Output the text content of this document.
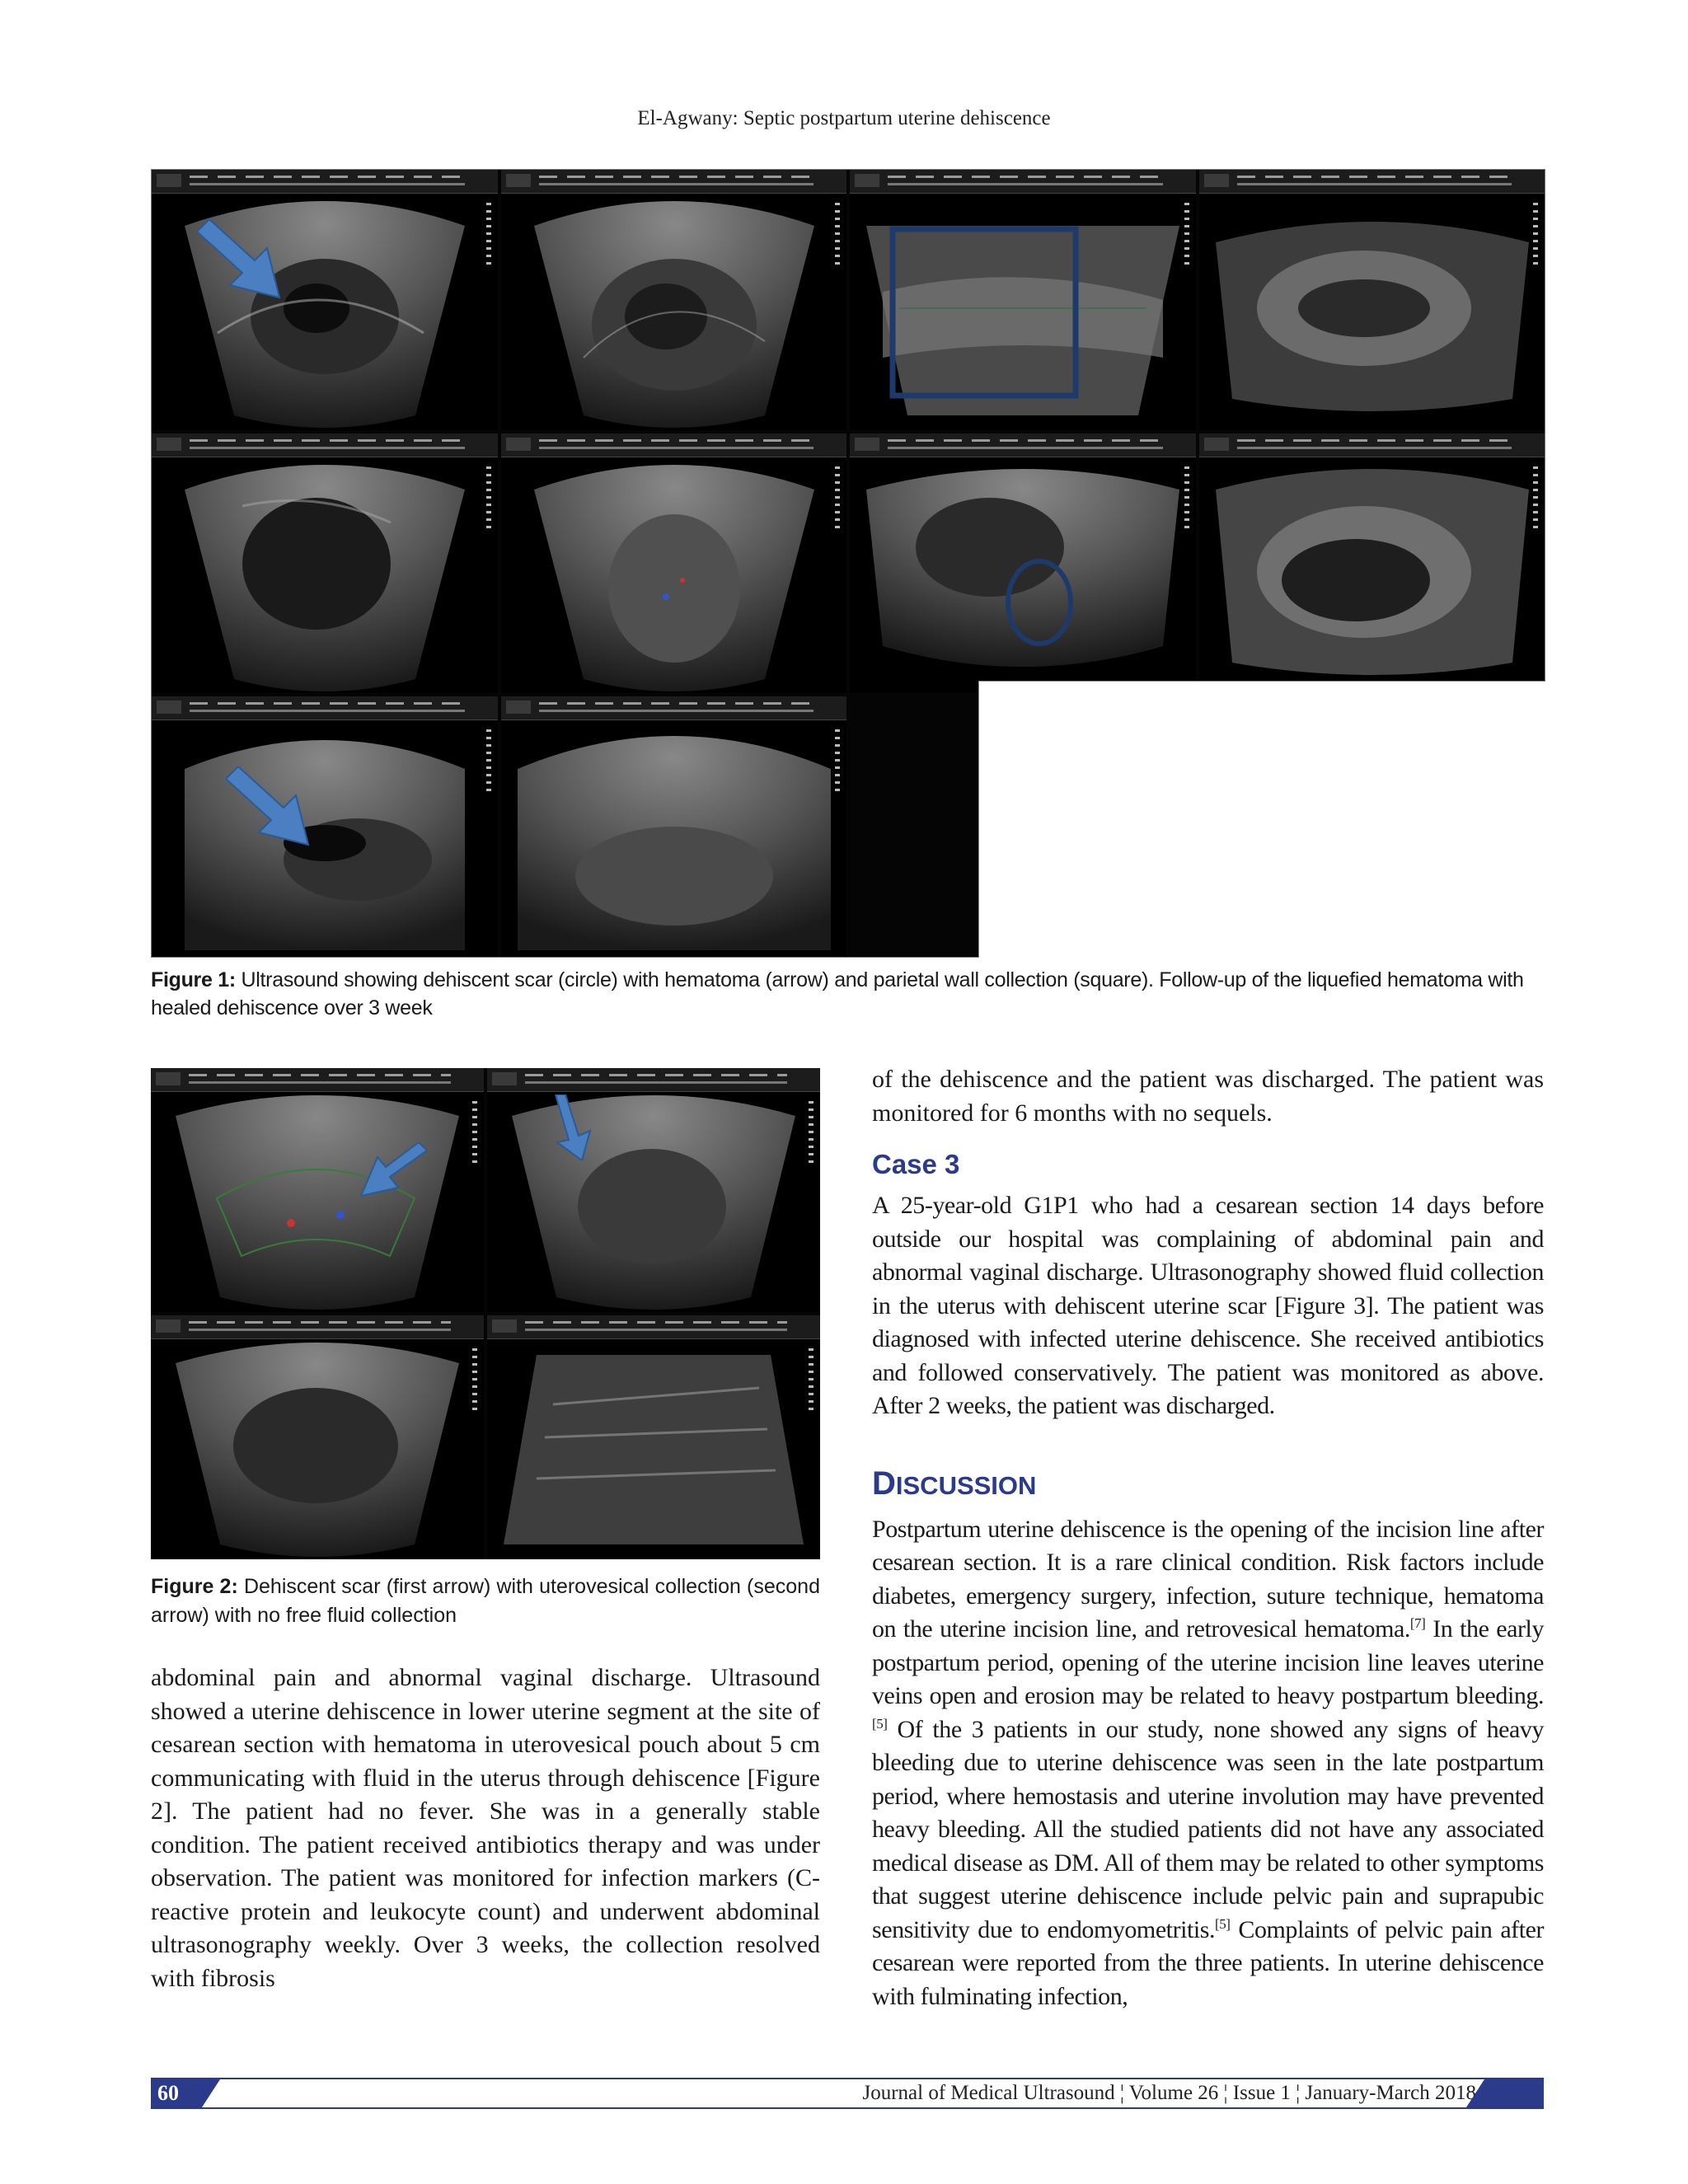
El-Agwany: Septic postpartum uterine dehiscence
Figure 1: Ultrasound showing dehiscent scar (circle) with hematoma (arrow) and parietal wall collection (square). Follow-up of the liquefied hematoma with healed dehiscence over 3 week
Figure 2: Dehiscent scar (first arrow) with uterovesical collection (second arrow) with no free fluid collection

abdominal pain and abnormal vaginal discharge. Ultrasound showed a uterine dehiscence in lower uterine segment at the site of cesarean section with hematoma in uterovesical pouch about 5 cm communicating with fluid in the uterus through dehiscence [Figure 2]. The patient had no fever. She was in a generally stable condition. The patient received antibiotics therapy and was under observation. The patient was monitored for infection markers (C-reactive protein and leukocyte count) and underwent abdominal ultrasonography weekly. Over 3 weeks, the collection resolved with fibrosis

of the dehiscence and the patient was discharged. The patient was monitored for 6 months with no sequels.

Case 3

A 25-year-old G1P1 who had a cesarean section 14 days before outside our hospital was complaining of abdominal pain and abnormal vaginal discharge. Ultrasonography showed fluid collection in the uterus with dehiscent uterine scar [Figure 3]. The patient was diagnosed with infected uterine dehiscence. She received antibiotics and followed conservatively. The patient was monitored as above. After 2 weeks, the patient was discharged.

DISCUSSION

Postpartum uterine dehiscence is the opening of the incision line after cesarean section. It is a rare clinical condition. Risk factors include diabetes, emergency surgery, infection, suture technique, hematoma on the uterine incision line, and retrovesical hematoma.[7] In the early postpartum period, opening of the uterine incision line leaves uterine veins open and erosion may be related to heavy postpartum bleeding.[5] Of the 3 patients in our study, none showed any signs of heavy bleeding due to uterine dehiscence was seen in the late postpartum period, where hemostasis and uterine involution may have prevented heavy bleeding. All the studied patients did not have any associated medical disease as DM. All of them may be related to other symptoms that suggest uterine dehiscence include pelvic pain and suprapubic sensitivity due to endomyometritis.[5] Complaints of pelvic pain after cesarean were reported from the three patients. In uterine dehiscence with fulminating infection,

60	Journal of Medical Ultrasound ¦ Volume 26 ¦ Issue 1 ¦ January-March 2018
